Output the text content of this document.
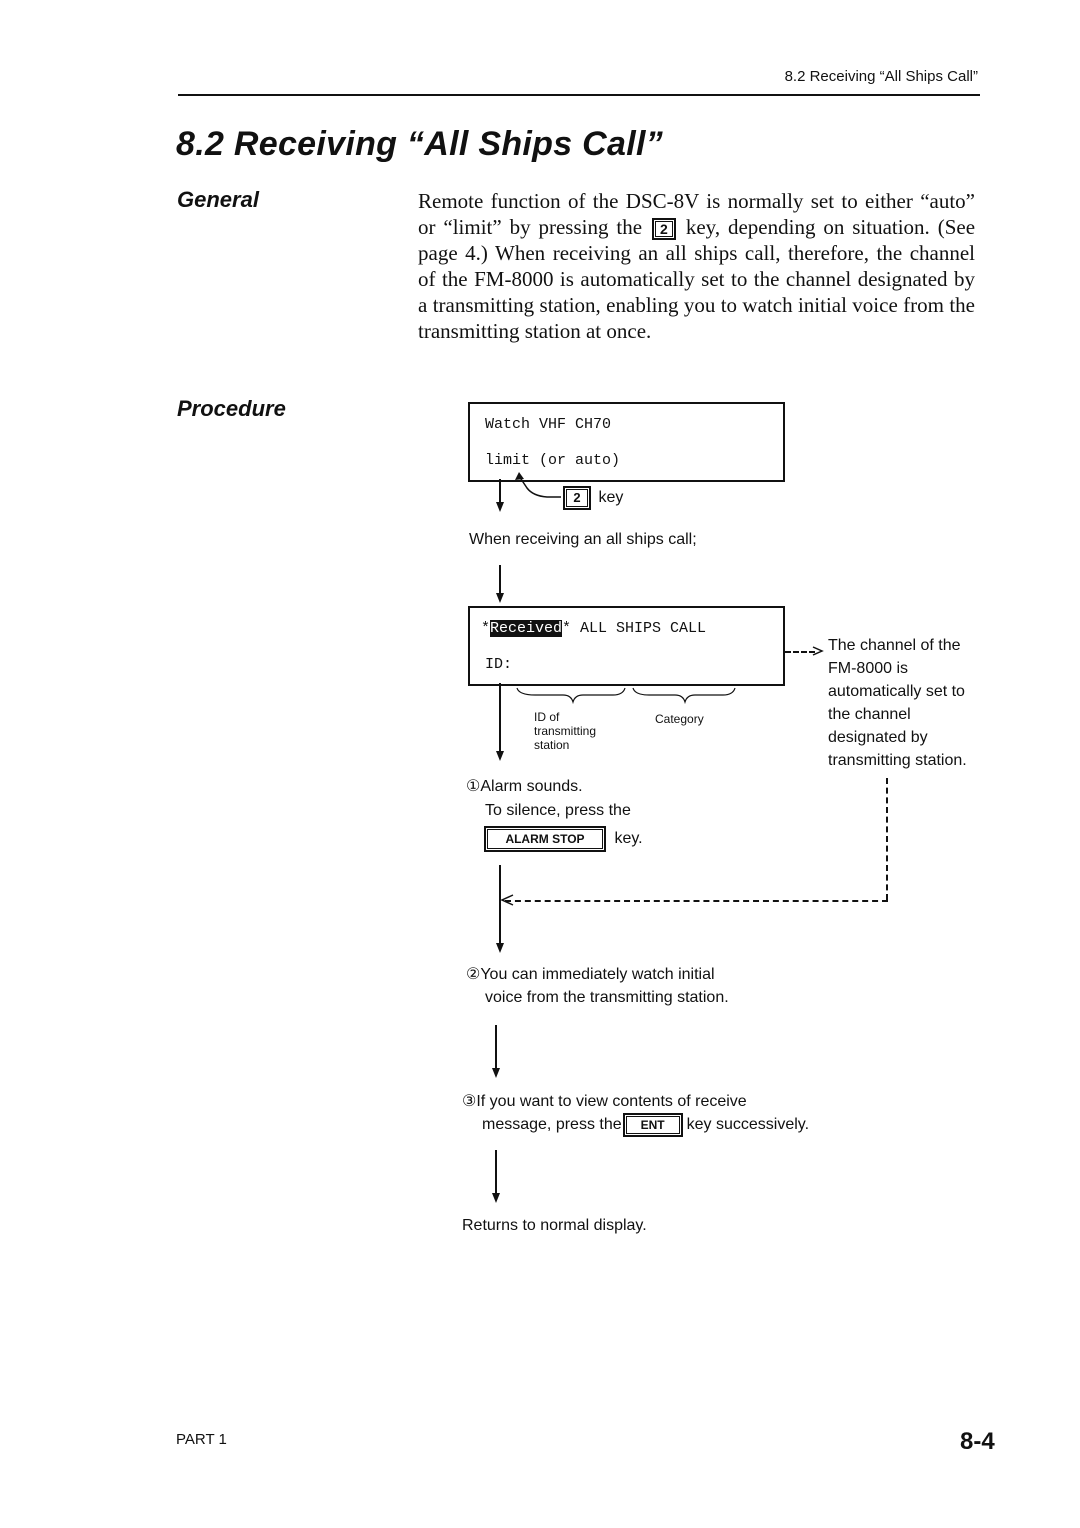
8.2 Receiving “All Ships Call”
8.2 Receiving “All Ships Call”
General	Remote function of the DSC-8V is normally set to either “auto” or “limit” by pressing the 2 key, depending on situation. (See page 4.) When receiving an all ships call, therefore, the channel of the FM-8000 is automatically set to the channel designated by a transmitting station, enabling you to watch initial voice from the transmitting station at once.
Procedure
Watch VHF CH70
limit (or auto)
2 key
When receiving an all ships call;
*Received* ALL SHIPS CALL
ID:
ID of
transmitting
station
Category
The channel of the FM-8000 is automatically set to the channel designated by transmitting station.
①Alarm sounds.
To silence, press the
ALARM STOP key.
②You can immediately watch initial
voice from the transmitting station.
③If you want to view contents of receive
message, press the ENT key successively.
Returns to normal display.
PART 1	8-4
